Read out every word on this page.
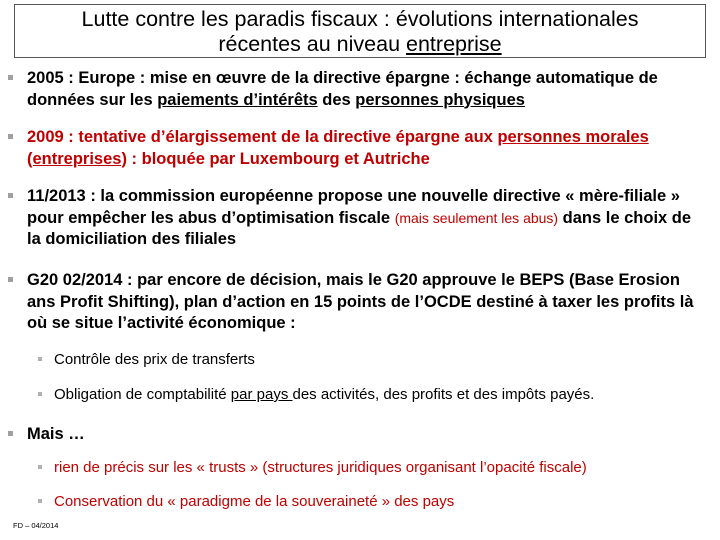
Lutte contre les paradis fiscaux : évolutions internationales
récentes au niveau entreprise
2005 : Europe : mise en œuvre de la directive épargne : échange automatique de données sur les paiements d’intérêts des personnes physiques
2009 : tentative d’élargissement de la directive épargne aux personnes morales (entreprises) : bloquée par Luxembourg et Autriche
11/2013 : la commission européenne propose une nouvelle directive « mère-filiale » pour empêcher les abus d’optimisation fiscale (mais seulement les abus) dans le choix de la domiciliation des filiales
G20 02/2014 : par encore de décision, mais le G20 approuve le BEPS (Base Erosion ans Profit Shifting), plan d’action en 15 points de l’OCDE destiné à taxer les profits là où se situe l’activité économique :
Contrôle des prix de transferts
Obligation de comptabilité par pays des activités, des profits et des impôts payés.
Mais …
rien de précis sur les « trusts » (structures juridiques organisant l’opacité fiscale)
Conservation du « paradigme de la souveraineté » des pays
FD – 04/2014
